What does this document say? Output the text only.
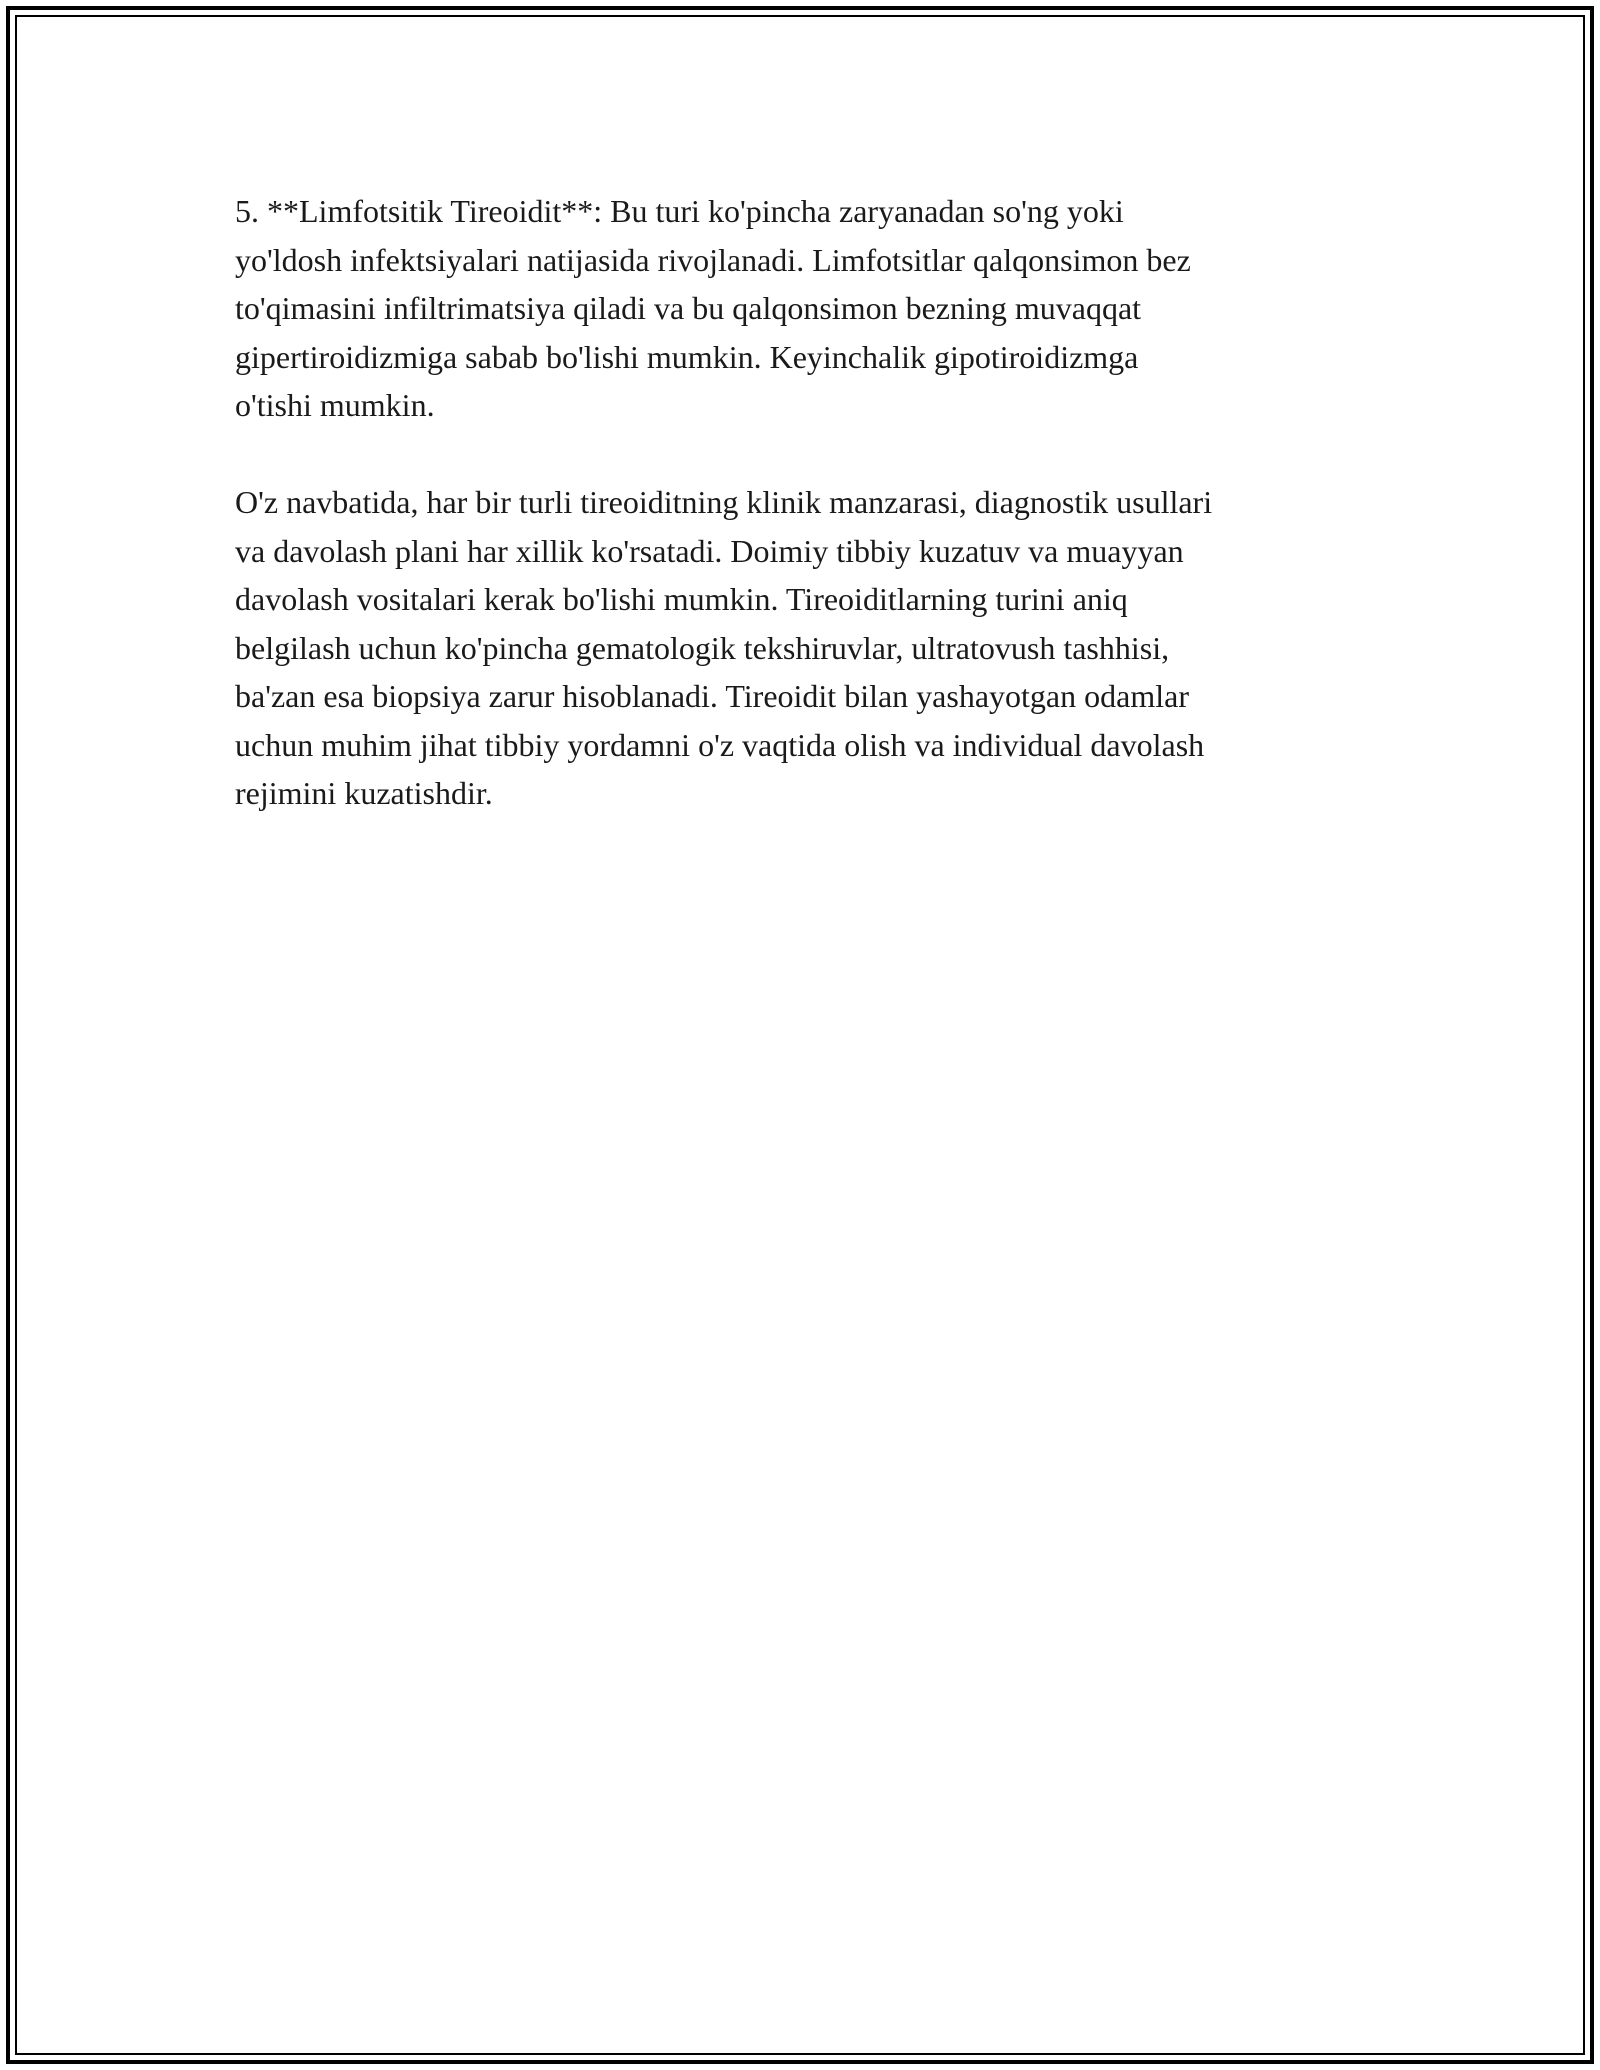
5. **Limfotsitik Tireoidit**: Bu turi ko'pincha zaryanadan so'ng yoki
yo'ldosh infektsiyalari natijasida rivojlanadi. Limfotsitlar qalqonsimon bez
to'qimasini infiltrimatsiya qiladi va bu qalqonsimon bezning muvaqqat
gipertiroidizmiga sabab bo'lishi mumkin. Keyinchalik gipotiroidizmga
o'tishi mumkin.

O'z navbatida, har bir turli tireoiditning klinik manzarasi, diagnostik usullari
va davolash plani har xillik ko'rsatadi. Doimiy tibbiy kuzatuv va muayyan
davolash vositalari kerak bo'lishi mumkin. Tireoiditlarning turini aniq
belgilash uchun ko'pincha gematologik tekshiruvlar, ultratovush tashhisi,
ba'zan esa biopsiya zarur hisoblanadi. Tireoidit bilan yashayotgan odamlar
uchun muhim jihat tibbiy yordamni o'z vaqtida olish va individual davolash
rejimini kuzatishdir.
